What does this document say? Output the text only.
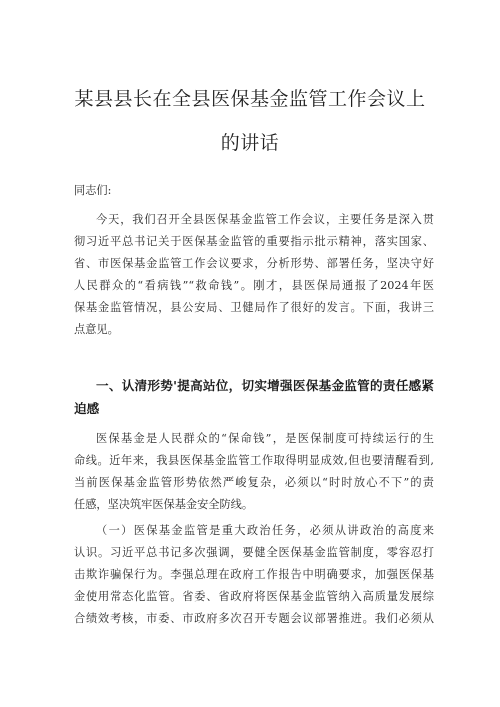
某县县长在全县医保基金监管工作会议上
的讲话
同志们:
今天，我们召开全县医保基金监管工作会议，主要任务是深入贯
彻习近平总书记关于医保基金监管的重要指示批示精神，落实国家、
省、市医保基金监管工作会议要求，分析形势、部署任务，坚决守好
人民群众的“看病钱”“救命钱”。刚才，县医保局通报了2024年医
保基金监管情况，县公安局、卫健局作了很好的发言。下面，我讲三
点意见。
一、认清形势'提高站位，切实增强医保基金监管的责任感紧
迫感
医保基金是人民群众的“保命钱”，是医保制度可持续运行的生
命线。近年来，我县医保基金监管工作取得明显成效,但也要清醒看到,
当前医保基金监管形势依然严峻复杂，必须以“时时放心不下”的责
任感，坚决筑牢医保基金安全防线。
（一）医保基金监管是重大政治任务，必须从讲政治的高度来
认识。习近平总书记多次强调，要健全医保基金监管制度，零容忍打
击欺诈骗保行为。李强总理在政府工作报告中明确要求，加强医保基
金使用常态化监管。省委、省政府将医保基金监管纳入高质量发展综
合绩效考核，市委、市政府多次召开专题会议部署推进。我们必须从
